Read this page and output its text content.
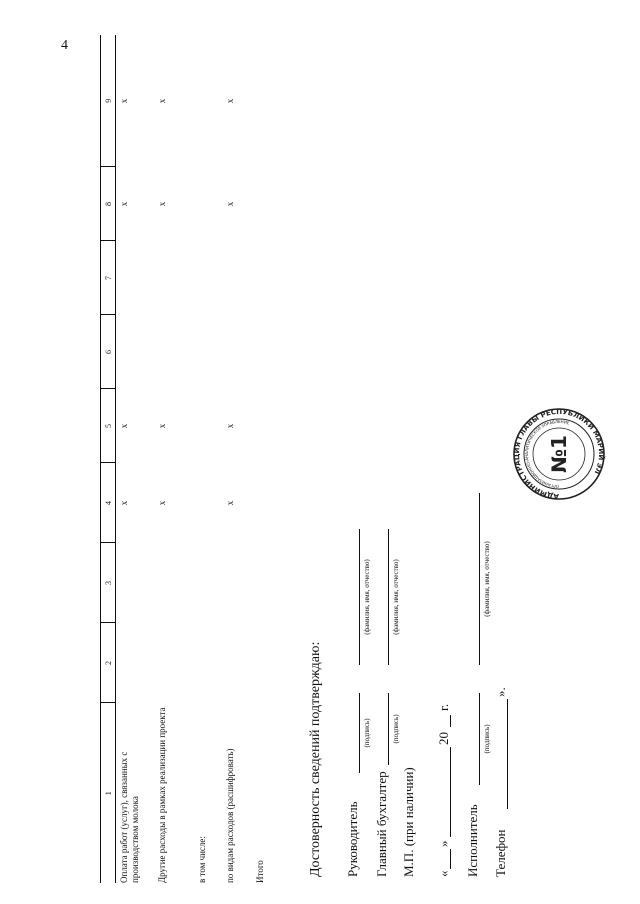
4
1	2	3	4	5	6	7	8	9
Оплата работ (услуг), связанных с производством молока			x	x			x	x
Другие расходы в рамках реализации проекта			x	x			x	x
в том числе:								
по видам расходов (расшифровать)			x	x			x	x
Итого									Достоверность сведений подтверждаю: Руководитель
(подпись)
(фамилия, имя, отчество)
Главный бухгалтер
(подпись)
(фамилия, имя, отчество)
М.П. (при наличии) «
»
20
г.
Исполнитель
(подпись)
(фамилия, имя, отчество)
Телефон
».
АДМИНИСТРАЦИЯ ГЛАВЫ РЕСПУБЛИКИ МАРИЙ ЭЛ
ОРГАНИЗАЦИОННО-АНАЛИТИЧЕСКОЕ УПРАВЛЕНИЕ
№1
